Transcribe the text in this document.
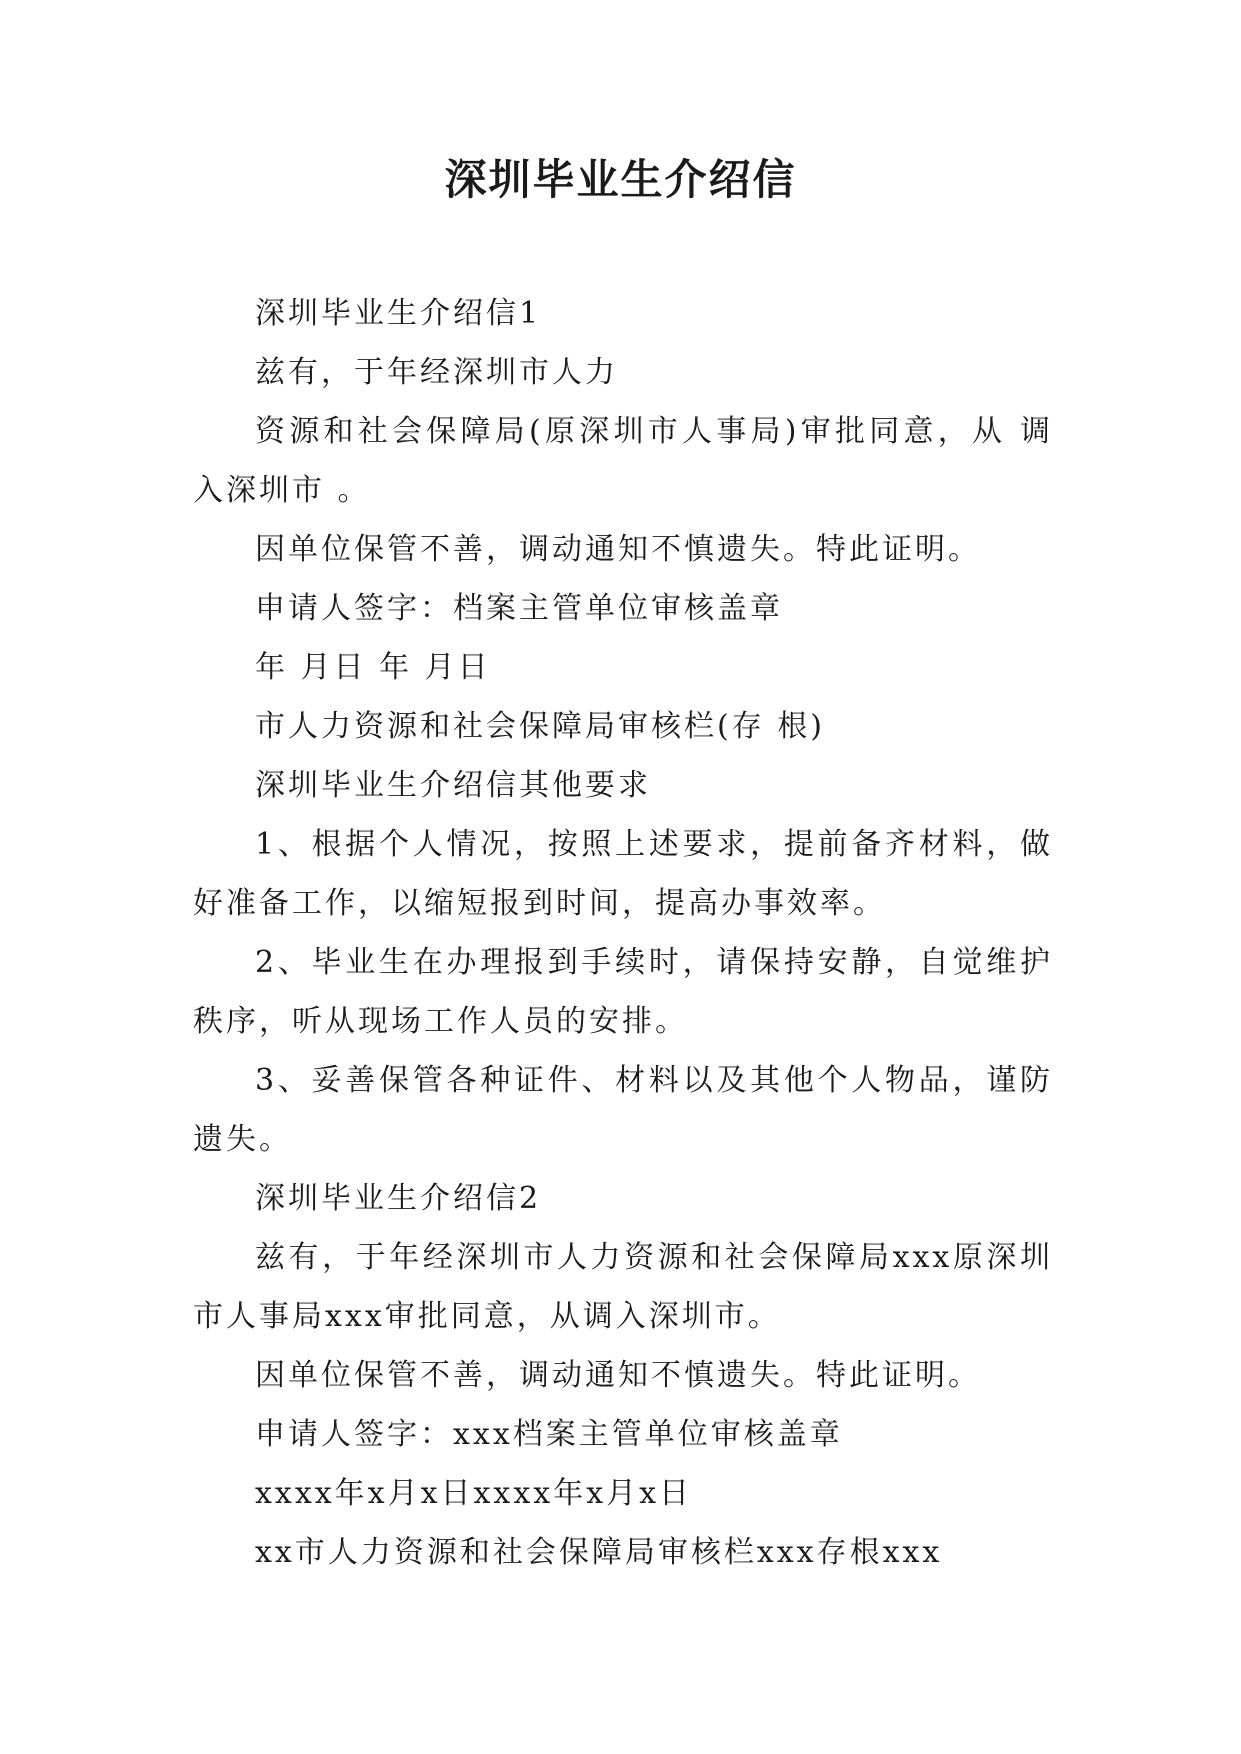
深圳毕业生介绍信

深圳毕业生介绍信1

兹有，于年经深圳市人力

资源和社会保障局(原深圳市人事局)审批同意，从 调入深圳市 。

因单位保管不善，调动通知不慎遗失。特此证明。

申请人签字：档案主管单位审核盖章

年 月日 年 月日

市人力资源和社会保障局审核栏(存 根)

深圳毕业生介绍信其他要求

1、根据个人情况，按照上述要求，提前备齐材料，做好准备工作，以缩短报到时间，提高办事效率。

2、毕业生在办理报到手续时，请保持安静，自觉维护秩序，听从现场工作人员的安排。

3、妥善保管各种证件、材料以及其他个人物品，谨防遗失。

深圳毕业生介绍信2

兹有，于年经深圳市人力资源和社会保障局xxx原深圳市人事局xxx审批同意，从调入深圳市。

因单位保管不善，调动通知不慎遗失。特此证明。

申请人签字：xxx档案主管单位审核盖章

xxxx年x月x日xxxx年x月x日

xx市人力资源和社会保障局审核栏xxx存根xxx
